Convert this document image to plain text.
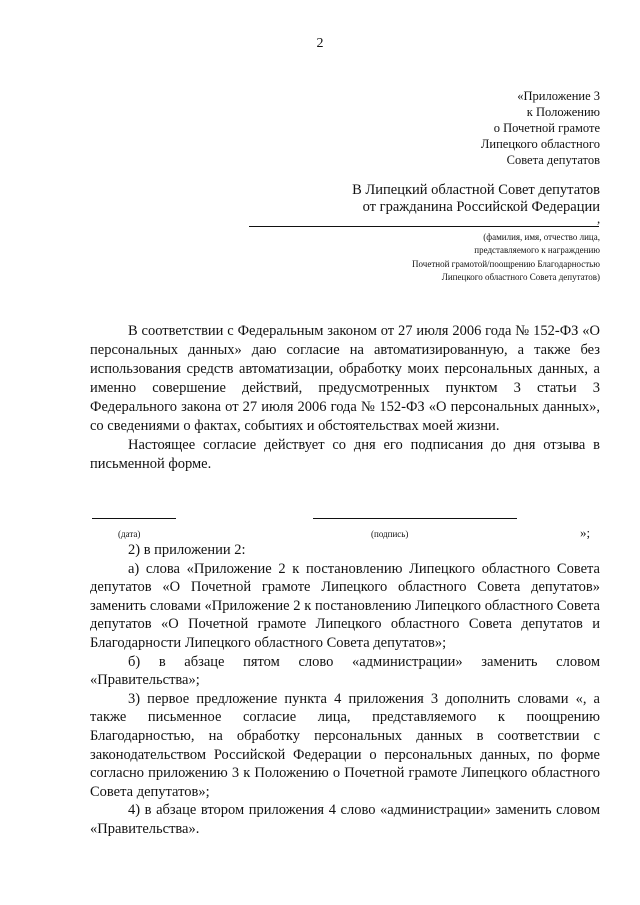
2
«Приложение 3
к Положению
о Почетной грамоте
Липецкого областного
Совета депутатов
В Липецкий областной Совет депутатов
от гражданина Российской Федерации
,
(фамилия, имя, отчество лица,
представляемого к награждению
Почетной грамотой/поощрению Благодарностью
Липецкого областного Совета депутатов)

В соответствии с Федеральным законом от 27 июля 2006 года № 152-ФЗ «О персональных данных» даю согласие на автоматизированную, а также без использования средств автоматизации, обработку моих персональных данных, а именно совершение действий, предусмотренных пунктом 3 статьи 3 Федерального закона от 27 июля 2006 года № 152-ФЗ «О персональных данных», со сведениями о фактах, событиях и обстоятельствах моей жизни.

Настоящее согласие действует со дня его подписания до дня отзыва в письменной форме.

(дата)	(подпись)	»;

2) в приложении 2:

а) слова «Приложение 2 к постановлению Липецкого областного Совета депутатов «О Почетной грамоте Липецкого областного Совета депутатов» заменить словами «Приложение 2 к постановлению Липецкого областного Совета депутатов «О Почетной грамоте Липецкого областного Совета депутатов и Благодарности Липецкого областного Совета депутатов»;

б) в абзаце пятом слово «администрации» заменить словом «Правительства»;

3) первое предложение пункта 4 приложения 3 дополнить словами «, а также письменное согласие лица, представляемого к поощрению Благодарностью, на обработку персональных данных в соответствии с законодательством Российской Федерации о персональных данных, по форме согласно приложению 3 к Положению о Почетной грамоте Липецкого областного Совета депутатов»;

4) в абзаце втором приложения 4 слово «администрации» заменить словом «Правительства».
